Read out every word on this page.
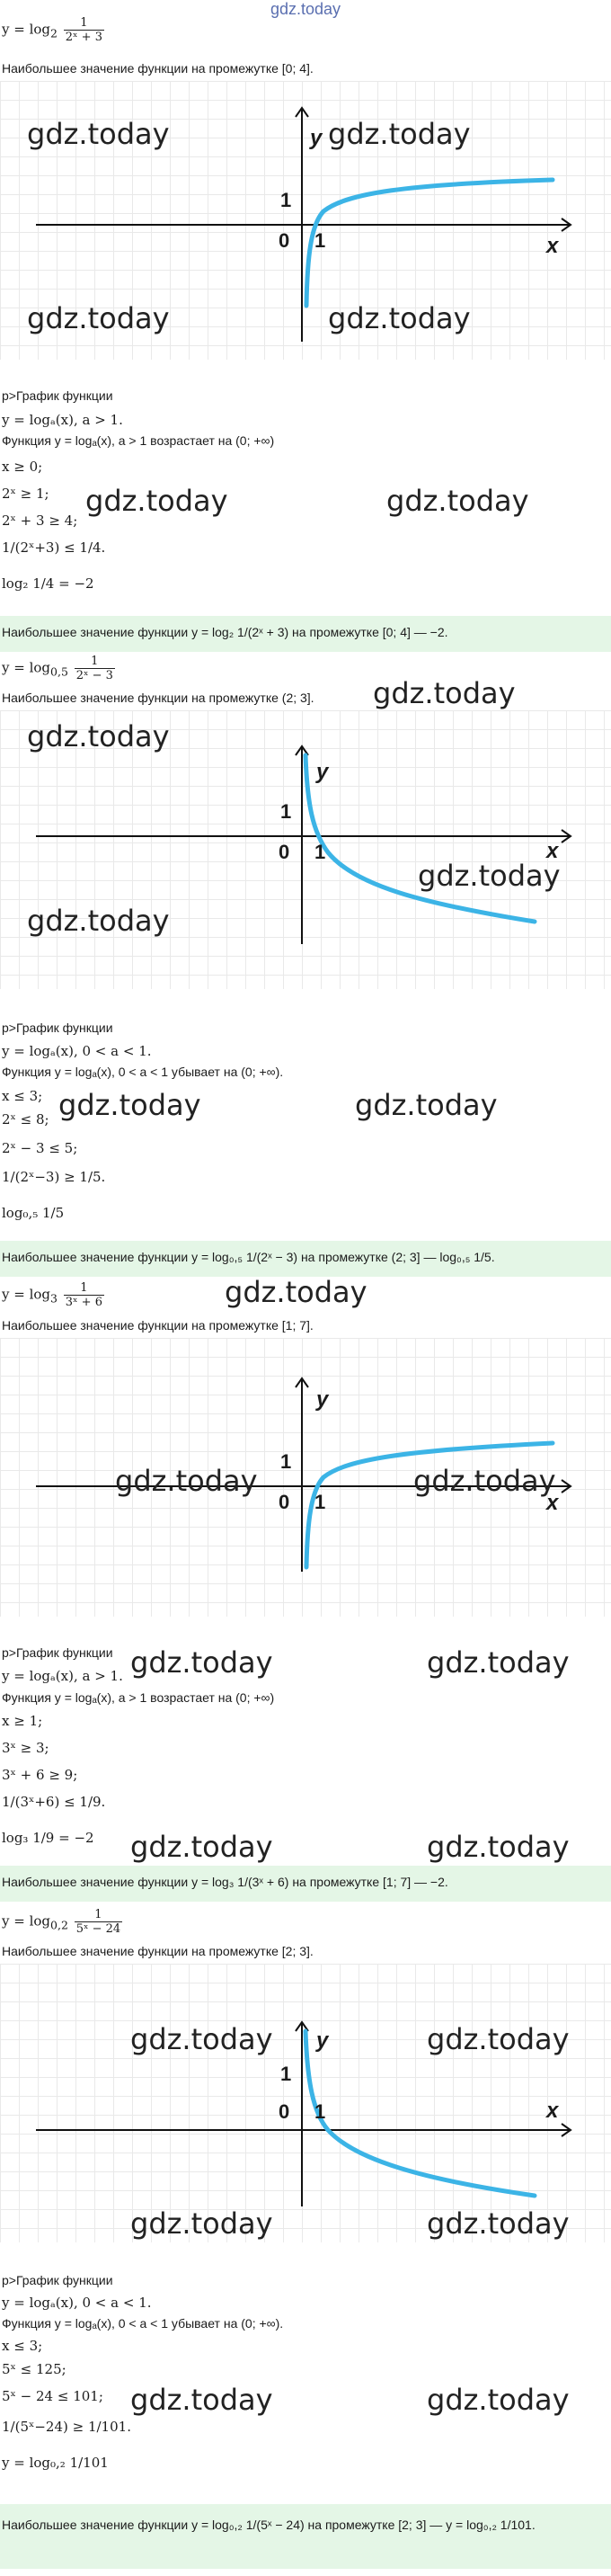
gdz.today
$y = \log_2 \frac{1}{\text{2ˣ + 3}}$
Наибольшее значение функции на промежутке [0; 4].
y
x
0 1
1
gdz.today	gdz.today
gdz.today	gdz.today
p>График функции
y = logₐ(x), a > 1.
Функция y = logₐ(x), a > 1 возрастает на (0; +∞)
x ≥ 0;
2ˣ ≥ 1;
2ˣ + 3 ≥ 4;
1/(2ˣ+3) ≤ 1/4.
log₂ 1/4 = −2
gdz.today	gdz.today
Наибольшее значение функции y = log₂ 1/(2ˣ + 3) на промежутке [0; 4] — −2.
$y = \log_{0,5} \frac{1}{\text{2ˣ − 3}}$
Наибольшее значение функции на промежутке (2; 3]. gdz.today
y
x
0 1
1
gdz.today
gdz.today
gdz.today
p>График функции
y = logₐ(x), 0 < a < 1.
Функция y = logₐ(x), 0 < a < 1 убывает на (0; +∞).
x ≤ 3;
2ˣ ≤ 8;
2ˣ − 3 ≤ 5;
1/(2ˣ−3) ≥ 1/5.
log₀,₅ 1/5
gdz.today	gdz.today
Наибольшее значение функции y = log₀,₅ 1/(2ˣ − 3) на промежутке (2; 3] — log₀,₅ 1/5.
$y = \log_3 \frac{1}{\text{3ˣ + 6}}$	gdz.today
Наибольшее значение функции на промежутке [1; 7].
y
x
0 1
1
gdz.today	gdz.today
p>График функции
y = logₐ(x), a > 1.
Функция y = logₐ(x), a > 1 возрастает на (0; +∞)
x ≥ 1;
3ˣ ≥ 3;
3ˣ + 6 ≥ 9;
1/(3ˣ+6) ≤ 1/9.
log₃ 1/9 = −2
gdz.today	gdz.today
gdz.today	gdz.today
Наибольшее значение функции y = log₃ 1/(3ˣ + 6) на промежутке [1; 7] — −2.
$y = \log_{0,2} \frac{1}{\text{5ˣ − 24}}$
Наибольшее значение функции на промежутке [2; 3].
y
x
0 1
1
gdz.today	gdz.today
gdz.today	gdz.today
p>График функции
y = logₐ(x), 0 < a < 1.
Функция y = logₐ(x), 0 < a < 1 убывает на (0; +∞).
x ≤ 3;
5ˣ ≤ 125;
5ˣ − 24 ≤ 101;
1/(5ˣ−24) ≥ 1/101.
y = log₀,₂ 1/101
gdz.today	gdz.today
Наибольшее значение функции y = log₀,₂ 1/(5ˣ − 24) на промежутке [2; 3] — y = log₀,₂ 1/101.
